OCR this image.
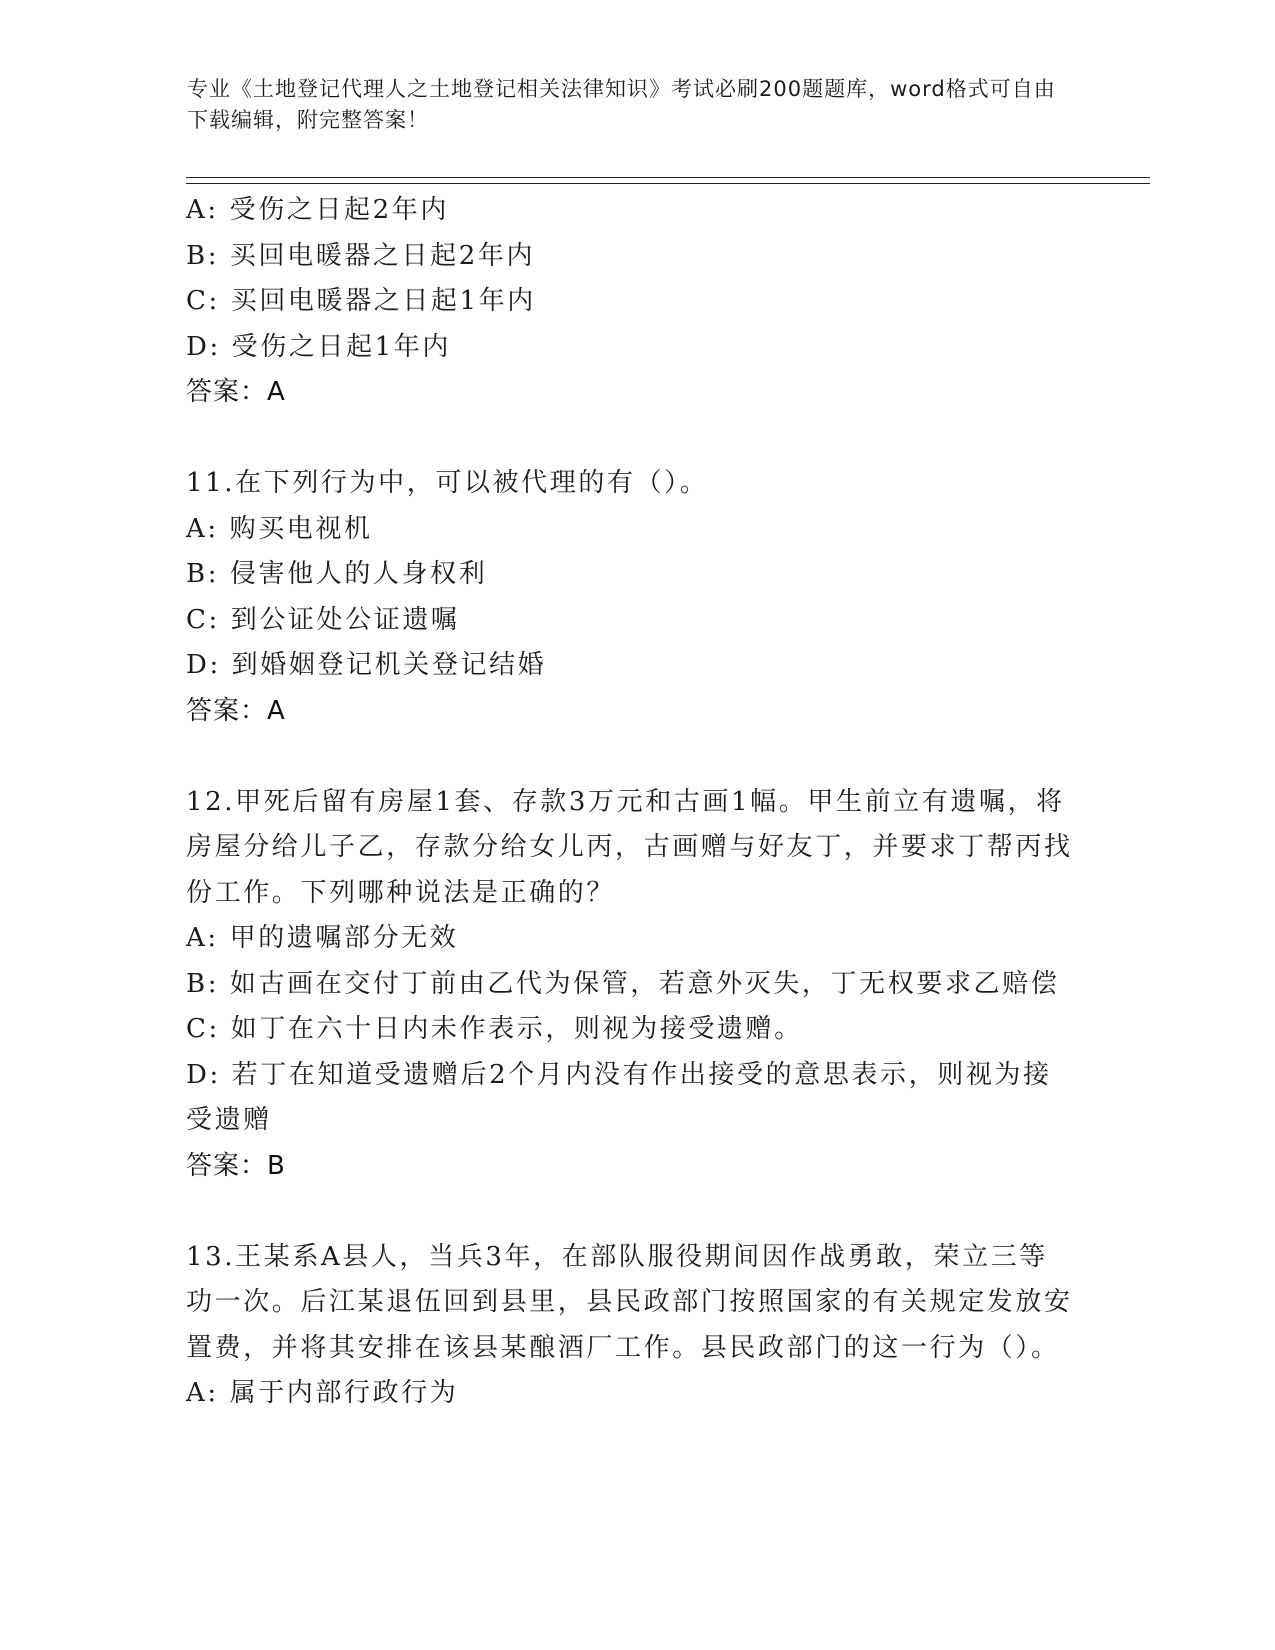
专业《土地登记代理人之土地登记相关法律知识》考试必刷200题题库，word格式可自由下载编辑，附完整答案！
A: 受伤之日起2年内
B: 买回电暖器之日起2年内
C: 买回电暖器之日起1年内
D: 受伤之日起1年内
答案：A
11.在下列行为中，可以被代理的有（）。
A: 购买电视机
B: 侵害他人的人身权利
C: 到公证处公证遗嘱
D: 到婚姻登记机关登记结婚
答案：A
12.甲死后留有房屋1套、存款3万元和古画1幅。甲生前立有遗嘱，将房屋分给儿子乙，存款分给女儿丙，古画赠与好友丁，并要求丁帮丙找份工作。下列哪种说法是正确的？
A: 甲的遗嘱部分无效
B: 如古画在交付丁前由乙代为保管，若意外灭失，丁无权要求乙赔偿
C: 如丁在六十日内未作表示，则视为接受遗赠。
D: 若丁在知道受遗赠后2个月内没有作出接受的意思表示，则视为接受遗赠
答案：B
13.王某系A县人，当兵3年，在部队服役期间因作战勇敢，荣立三等功一次。后江某退伍回到县里，县民政部门按照国家的有关规定发放安置费，并将其安排在该县某酿酒厂工作。县民政部门的这一行为（）。
A: 属于内部行政行为
